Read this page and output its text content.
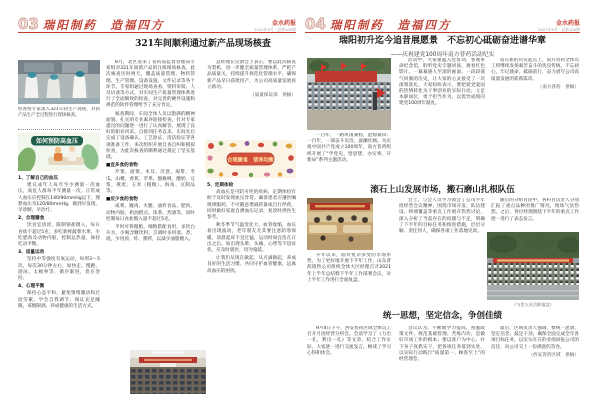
03 瑞阳制药　造福四方	金水药报
2021年9月 · 总第100期
321车间顺利通过新产品现场核查

检查组专家深入321车间生产现场，对新产品生产全过程进行现场核查。

如何预防高血压

1、了解自己的血压

建议成年人每年至少测量一次血压，高危人群每半年测量一次。正常成人血压应控制在140/90mmHg以下，理想血压为120/80mmHg，做到早发现、早诊断、早治疗。

2、合理膳食

饮食宜清淡，限制钠盐摄入，每日食盐不超过5克；多吃新鲜蔬菜水果，少吃肥肉及动物内脏，控制总热量，保持吃动平衡。

3、适量运动

坚持中等强度有氧运动，每周3～5次，每次30分钟左右，如快走、慢跑、游泳、太极拳等，循序渐进，贵在坚持。

4、心理平衡

保持心态平和，避免情绪激动和过度劳累，学会自我调节，保证充足睡眠，戒烟限酒，养成健康的生活方式。

8月，北区迎来了省药品监督管理局专家组对321车间新产品的注册现场核查。此次核查历时两天，覆盖质量管理、物料管理、生产管理、设备设施、文件记录等各个环节。专家组通过现场查看、资料审阅、人员访谈等方式，对车间生产质量管理体系进行了全面细致的检查，对完善的硬件设施和规范的软件管理给予了充分肯定。

核查期间，车间全体人员以饱满的精神面貌、扎实的专业素养迎接检查，针对专家提出的问题逐一进行了认真解答，展现了良好的职业风采。自接到任务以来，车间先后完成了设备确认、工艺验证、清洁验证等各项准备工作，多次组织开展自查自纠和模拟检查，为此次核查的顺利通过奠定了坚实基础。

■宜多食的食物

芹菜、菠菜、木耳、洋葱、海带、冬瓜、山楂、香蕉、苹果、猕猴桃、酸奶、豆浆、燕麦、玉米（粗粮）、海鱼、豆制品等。

■应少食的食物

咸菜、腌肉、火腿、油炸食品、肥肉、动物内脏、奶油糕点、浓茶、烈酒等，同时控制每日食盐摄入量不超过5克。

平时可将粗粮、细粮搭配食用，多饮白开水，少喝含糖饮料；烹调时多用蒸、煮、炖，少用煎、炸、熏烤，以减少油脂摄入。

总经理在反馈会上表示，要以此次核查为契机，进一步健全质量管理体系，严把产品质量关，持续提升规范化管理水平，确保新产品早日获批投产，为公司高质量发展再立新功。

（质量保证部　供稿）

合理膳食　营养均衡

5、定期体检

高血压是可防可控的疾病，定期体检有助于及时发现血压异常。确诊患者应遵医嘱规律服药，不可随意增减药量或自行停药，同时做好家庭自测血压记录，复诊时供医生参考。

秋冬季节气温变化大，血管收缩，血压易出现波动，老年朋友尤其要注意防寒保暖，清晨起床不宜过猛，运动时间宜选在日出之后。如出现头晕、头痛、心悸等不适症状，应及时就医，切勿拖延。

让我们从现在做起，从点滴做起，养成良好的生活习惯，共同守护血管健康，远离高血压的困扰。

04 瑞阳制药　造福四方	金水药报
2021年9月 · 总第100期
瑞阳初升迄今追昔展愿景　不忘初心砥砺奋进谱华章
——庆祝建党100周年南方普药活动纪实

一百年，一路风雨兼程，沧海桑田；一百年，一部奋斗史诗，波澜壮阔。为庆祝中国共产党成立100周年，南方普药组织开展了“学党史、悟思想、办实事、开新局”系列主题活动。

活动中，大家重温入党誓词，参观革命纪念馆，聆听党史专题讲座，观看红色影片。一幕幕感人至深的画面、一段段荡气回肠的历史，让大家的心灵接受了一次深刻洗礼。大家纷纷表示，要把爱党爱国的热情转化为干事创业的实际行动，立足本职岗位，勇于担当作为，以优异成绩向建党100周年献礼。

站在新的历史起点上，南方普药全体员工将继续发扬艰苦奋斗的优良传统，不忘初心、牢记使命，砥砺前行，奋力谱写公司高质量发展的崭新篇章。

（南方普药　供稿）

滚石上山发展市场，搬石磨山扎根队伍

开年以来，面对复杂多变的市场形势，为了更好地开展下半年工作，山东普药销售公司组织全体大区经理召开2021年上半年总结暨下半年工作部署会议，对上半年工作进行全面复盘。

会上，与会人员学习领会了公司半年度经营会议精神，围绕市场开发、队伍建设、终端覆盖等重点工作展开热烈讨论，深入分析了当前存在的问题与不足，明确了下半年的目标任务和推进措施，层层分解、责任到人，确保各项工作落地见效。

随后的分组讨论中，各科目负责人分别汇报了重点品种的推广情况，现场气氛热烈。之后，各位经理围绕下半年的重点工作逐一进行了表态发言。

（与会人员合影留念）
统一思想，坚定信念，争创佳绩

9月4日下午，西安普药区域全体员工召开月度经营分析会。会前学习了《力出一孔，利出一孔》等文章，结合工作实际，大家逐一进行交流发言，畅谈了学习心得和体会。

会议认为，不断地学习提高、熟悉政策文件、规范基础管理、苦练内功，是做好市场工作的根本；要以客户为中心，扑下身子真抓实干，把各项任务落到实处，以实际行动践行“质量第一、顾客至上”的经营理念。

最后，区域负责人强调，要统一思想、坚定信念、鼓足干劲，确保全面完成全年各项目标任务，以实实在在的业绩回报公司的信任，向公司交上一份满意的答卷。

（西安普药区域　供稿）
